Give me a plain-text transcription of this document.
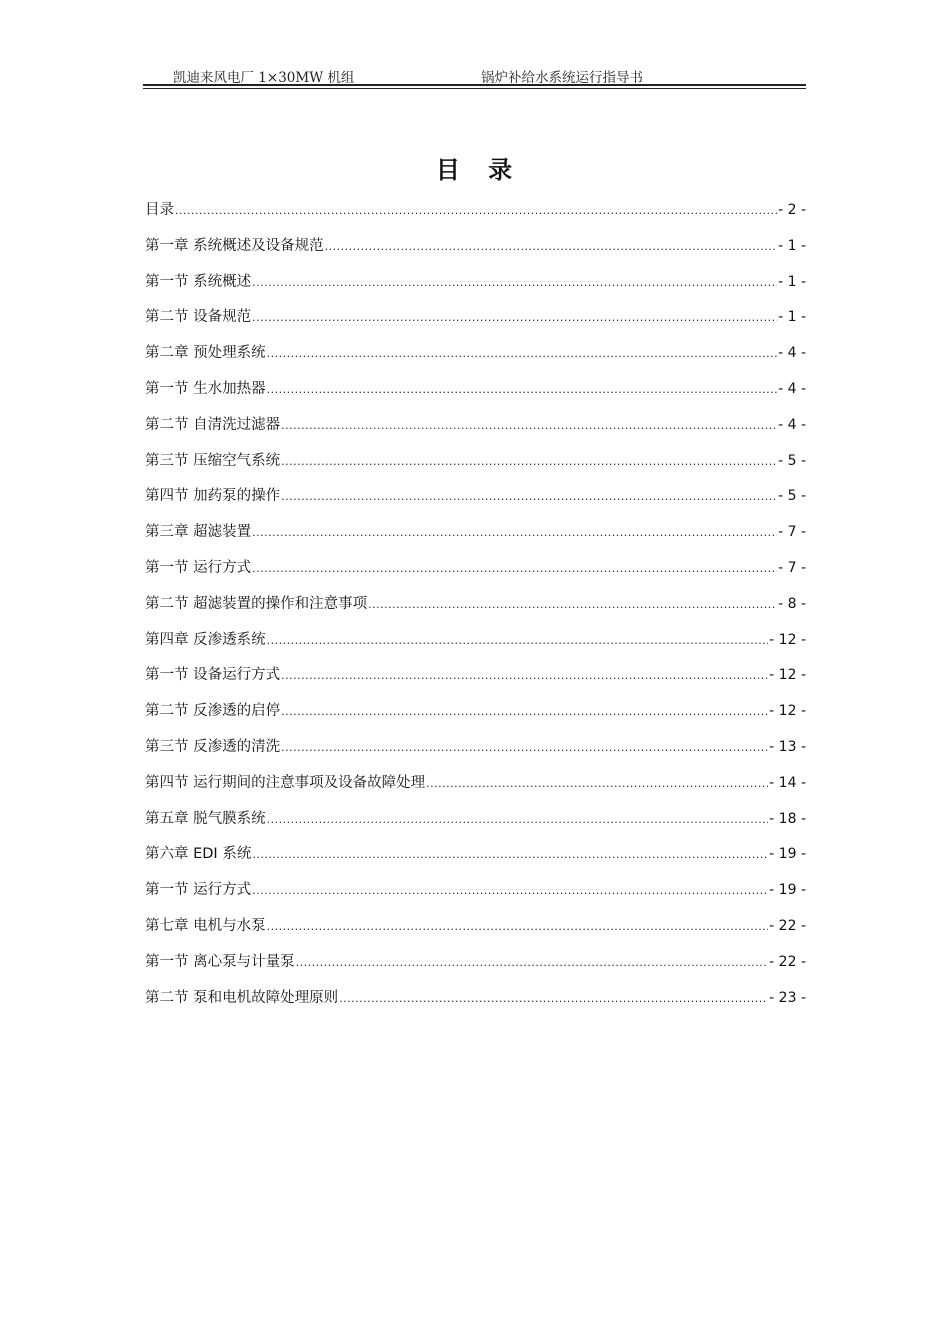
凯迪来风电厂 1×30MW 机组	锅炉补给水系统运行指导书
目 录
目录 .....	- 2 -
第一章 系统概述及设备规范 .....	- 1 -
第一节 系统概述 .....	- 1 -
第二节 设备规范 .....	- 1 -
第二章 预处理系统 .....	- 4 -
第一节 生水加热器 .....	- 4 -
第二节 自清洗过滤器 .....	- 4 -
第三节 压缩空气系统 .....	- 5 -
第四节 加药泵的操作 .....	- 5 -
第三章 超滤装置 .....	- 7 -
第一节 运行方式 .....	- 7 -
第二节 超滤装置的操作和注意事项 .....	- 8 -
第四章 反渗透系统 .....	- 12 -
第一节 设备运行方式 .....	- 12 -
第二节 反渗透的启停 .....	- 12 -
第三节 反渗透的清洗 .....	- 13 -
第四节 运行期间的注意事项及设备故障处理 .....	- 14 -
第五章 脱气膜系统 .....	- 18 -
第六章 EDI 系统 .....	- 19 -
第一节 运行方式 .....	- 19 -
第七章 电机与水泵 .....	- 22 -
第一节 离心泵与计量泵 .....	- 22 -
第二节 泵和电机故障处理原则 .....	- 23 -
